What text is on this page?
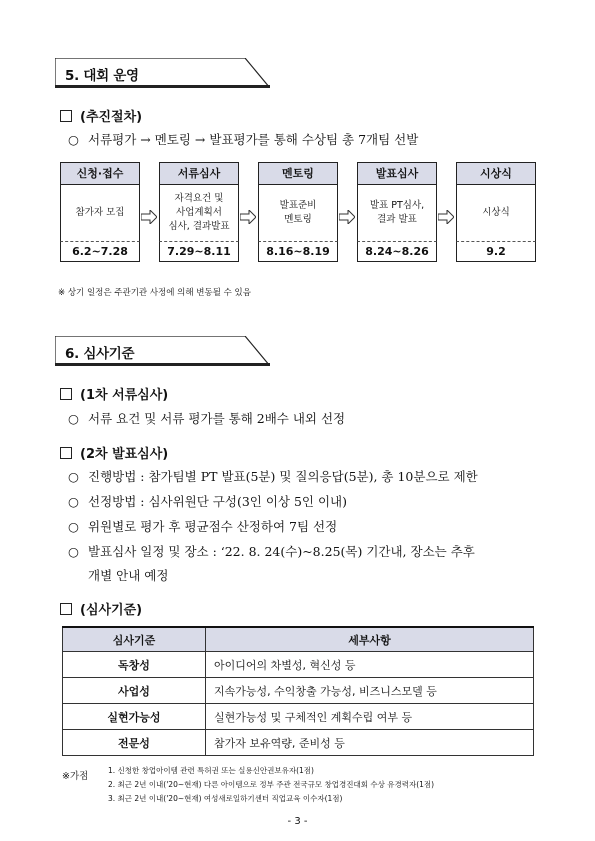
5. 대회 운영
(추진절차)
○ 서류평가 → 멘토링 → 발표평가를 통해 수상팀 총 7개팀 선발
신청·접수
참가자 모집
6.2~7.28
서류심사
자격요건 및
사업계획서
심사, 결과발표
7.29~8.11
멘토링
발표준비
멘토링
8.16~8.19
발표심사
발표 PT심사,
결과 발표
8.24~8.26
시상식
시상식
9.2
※ 상기 일정은 주관기관 사정에 의해 변동될 수 있음
6. 심사기준
(1차 서류심사)
○ 서류 요건 및 서류 평가를 통해 2배수 내외 선정
(2차 발표심사)
○ 진행방법 : 참가팀별 PT 발표(5분) 및 질의응답(5분), 총 10분으로 제한
○ 선정방법 : 심사위원단 구성(3인 이상 5인 이내)
○ 위원별로 평가 후 평균점수 산정하여 7팀 선정
○ 발표심사 일정 및 장소 : ‘22. 8. 24(수)~8.25(목) 기간내, 장소는 추후
개별 안내 예정
(심사기준)
심사기준	세부사항
독창성	아이디어의 차별성, 혁신성 등
사업성	지속가능성, 수익창출 가능성, 비즈니스모델 등
실현가능성	실현가능성 및 구체적인 계획수립 여부 등
전문성	참가자 보유역량, 준비성 등
※가점
1. 신청한 창업아이템 관련 특허권 또는 실용신안권보유자(1점)
2. 최근 2년 이내('20~현재) 다른 아이템으로 정부 주관 전국규모 창업경진대회 수상 유경력자(1점)
3. 최근 2년 이내('20~현재) 여성새로일하기센터 직업교육 이수자(1점)
- 3 -
